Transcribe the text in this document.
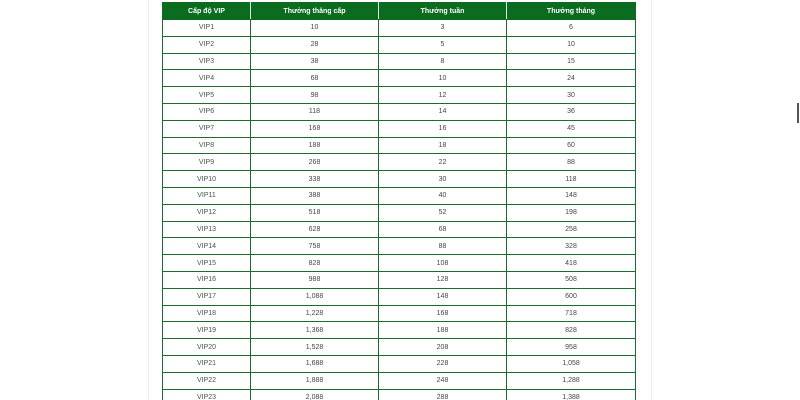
Cấp độ VIP	Thưởng thăng cấp	Thưởng tuần	Thưởng tháng
VIP1	10	3	6
VIP2	28	5	10
VIP3	38	8	15
VIP4	68	10	24
VIP5	98	12	30
VIP6	118	14	36
VIP7	168	16	45
VIP8	188	18	60
VIP9	268	22	88
VIP10	338	30	118
VIP11	388	40	148
VIP12	518	52	198
VIP13	628	68	258
VIP14	758	88	328
VIP15	828	108	418
VIP16	988	128	508
VIP17	1,088	148	600
VIP18	1,228	168	718
VIP19	1,368	188	828
VIP20	1,528	208	958
VIP21	1,688	228	1,058
VIP22	1,888	248	1,288
VIP23	2,088	288	1,388
